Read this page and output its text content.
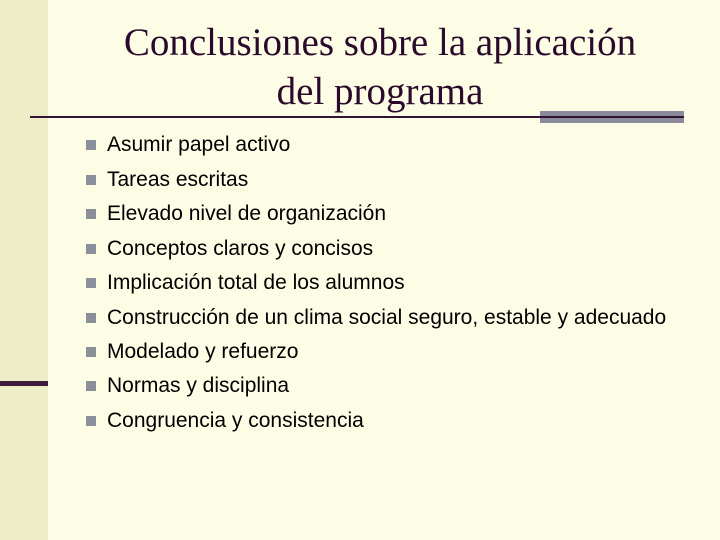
Conclusiones sobre la aplicación
del programa
Asumir papel activo
Tareas escritas
Elevado nivel de organización
Conceptos claros y concisos
Implicación total de los alumnos
Construcción de un clima social seguro, estable y adecuado
Modelado y refuerzo
Normas y disciplina
Congruencia y consistencia
